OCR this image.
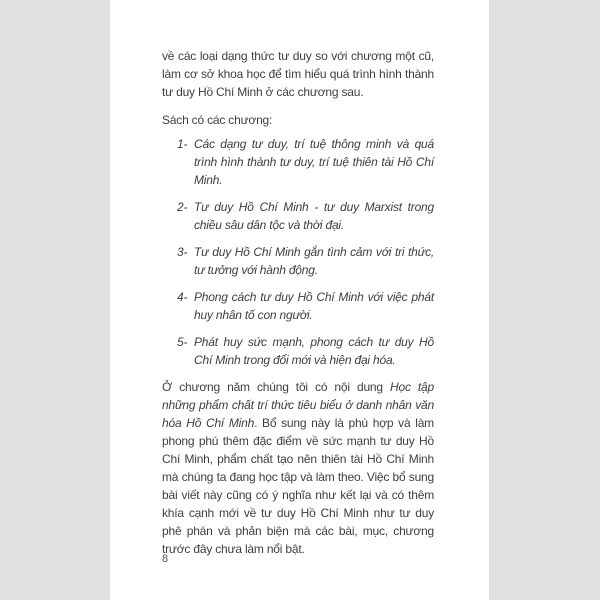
về các loại dạng thức tư duy so với chương một cũ, làm cơ sở khoa học để tìm hiểu quá trình hình thành tư duy Hồ Chí Minh ở các chương sau.

Sách có các chương:

1- Các dạng tư duy, trí tuệ thông minh và quá trình hình thành tư duy, trí tuệ thiên tài Hồ Chí Minh.
2- Tư duy Hồ Chí Minh - tư duy Marxist trong chiều sâu dân tộc và thời đại.
3- Tư duy Hồ Chí Minh gắn tình cảm với tri thức, tư tưởng với hành động.
4- Phong cách tư duy Hồ Chí Minh với việc phát huy nhân tố con người.
5- Phát huy sức mạnh, phong cách tư duy Hồ Chí Minh trong đổi mới và hiện đại hóa.

Ở chương năm chúng tôi có nội dung Học tập những phẩm chất trí thức tiêu biểu ở danh nhân văn hóa Hồ Chí Minh. Bổ sung này là phù hợp và làm phong phú thêm đặc điểm về sức mạnh tư duy Hồ Chí Minh, phẩm chất tạo nên thiên tài Hồ Chí Minh mà chúng ta đang học tập và làm theo. Việc bổ sung bài viết này cũng có ý nghĩa như kết lại và có thêm khía cạnh mới về tư duy Hồ Chí Minh như tư duy phê phán và phản biện mà các bài, mục, chương trước đây chưa làm nổi bật.

8
